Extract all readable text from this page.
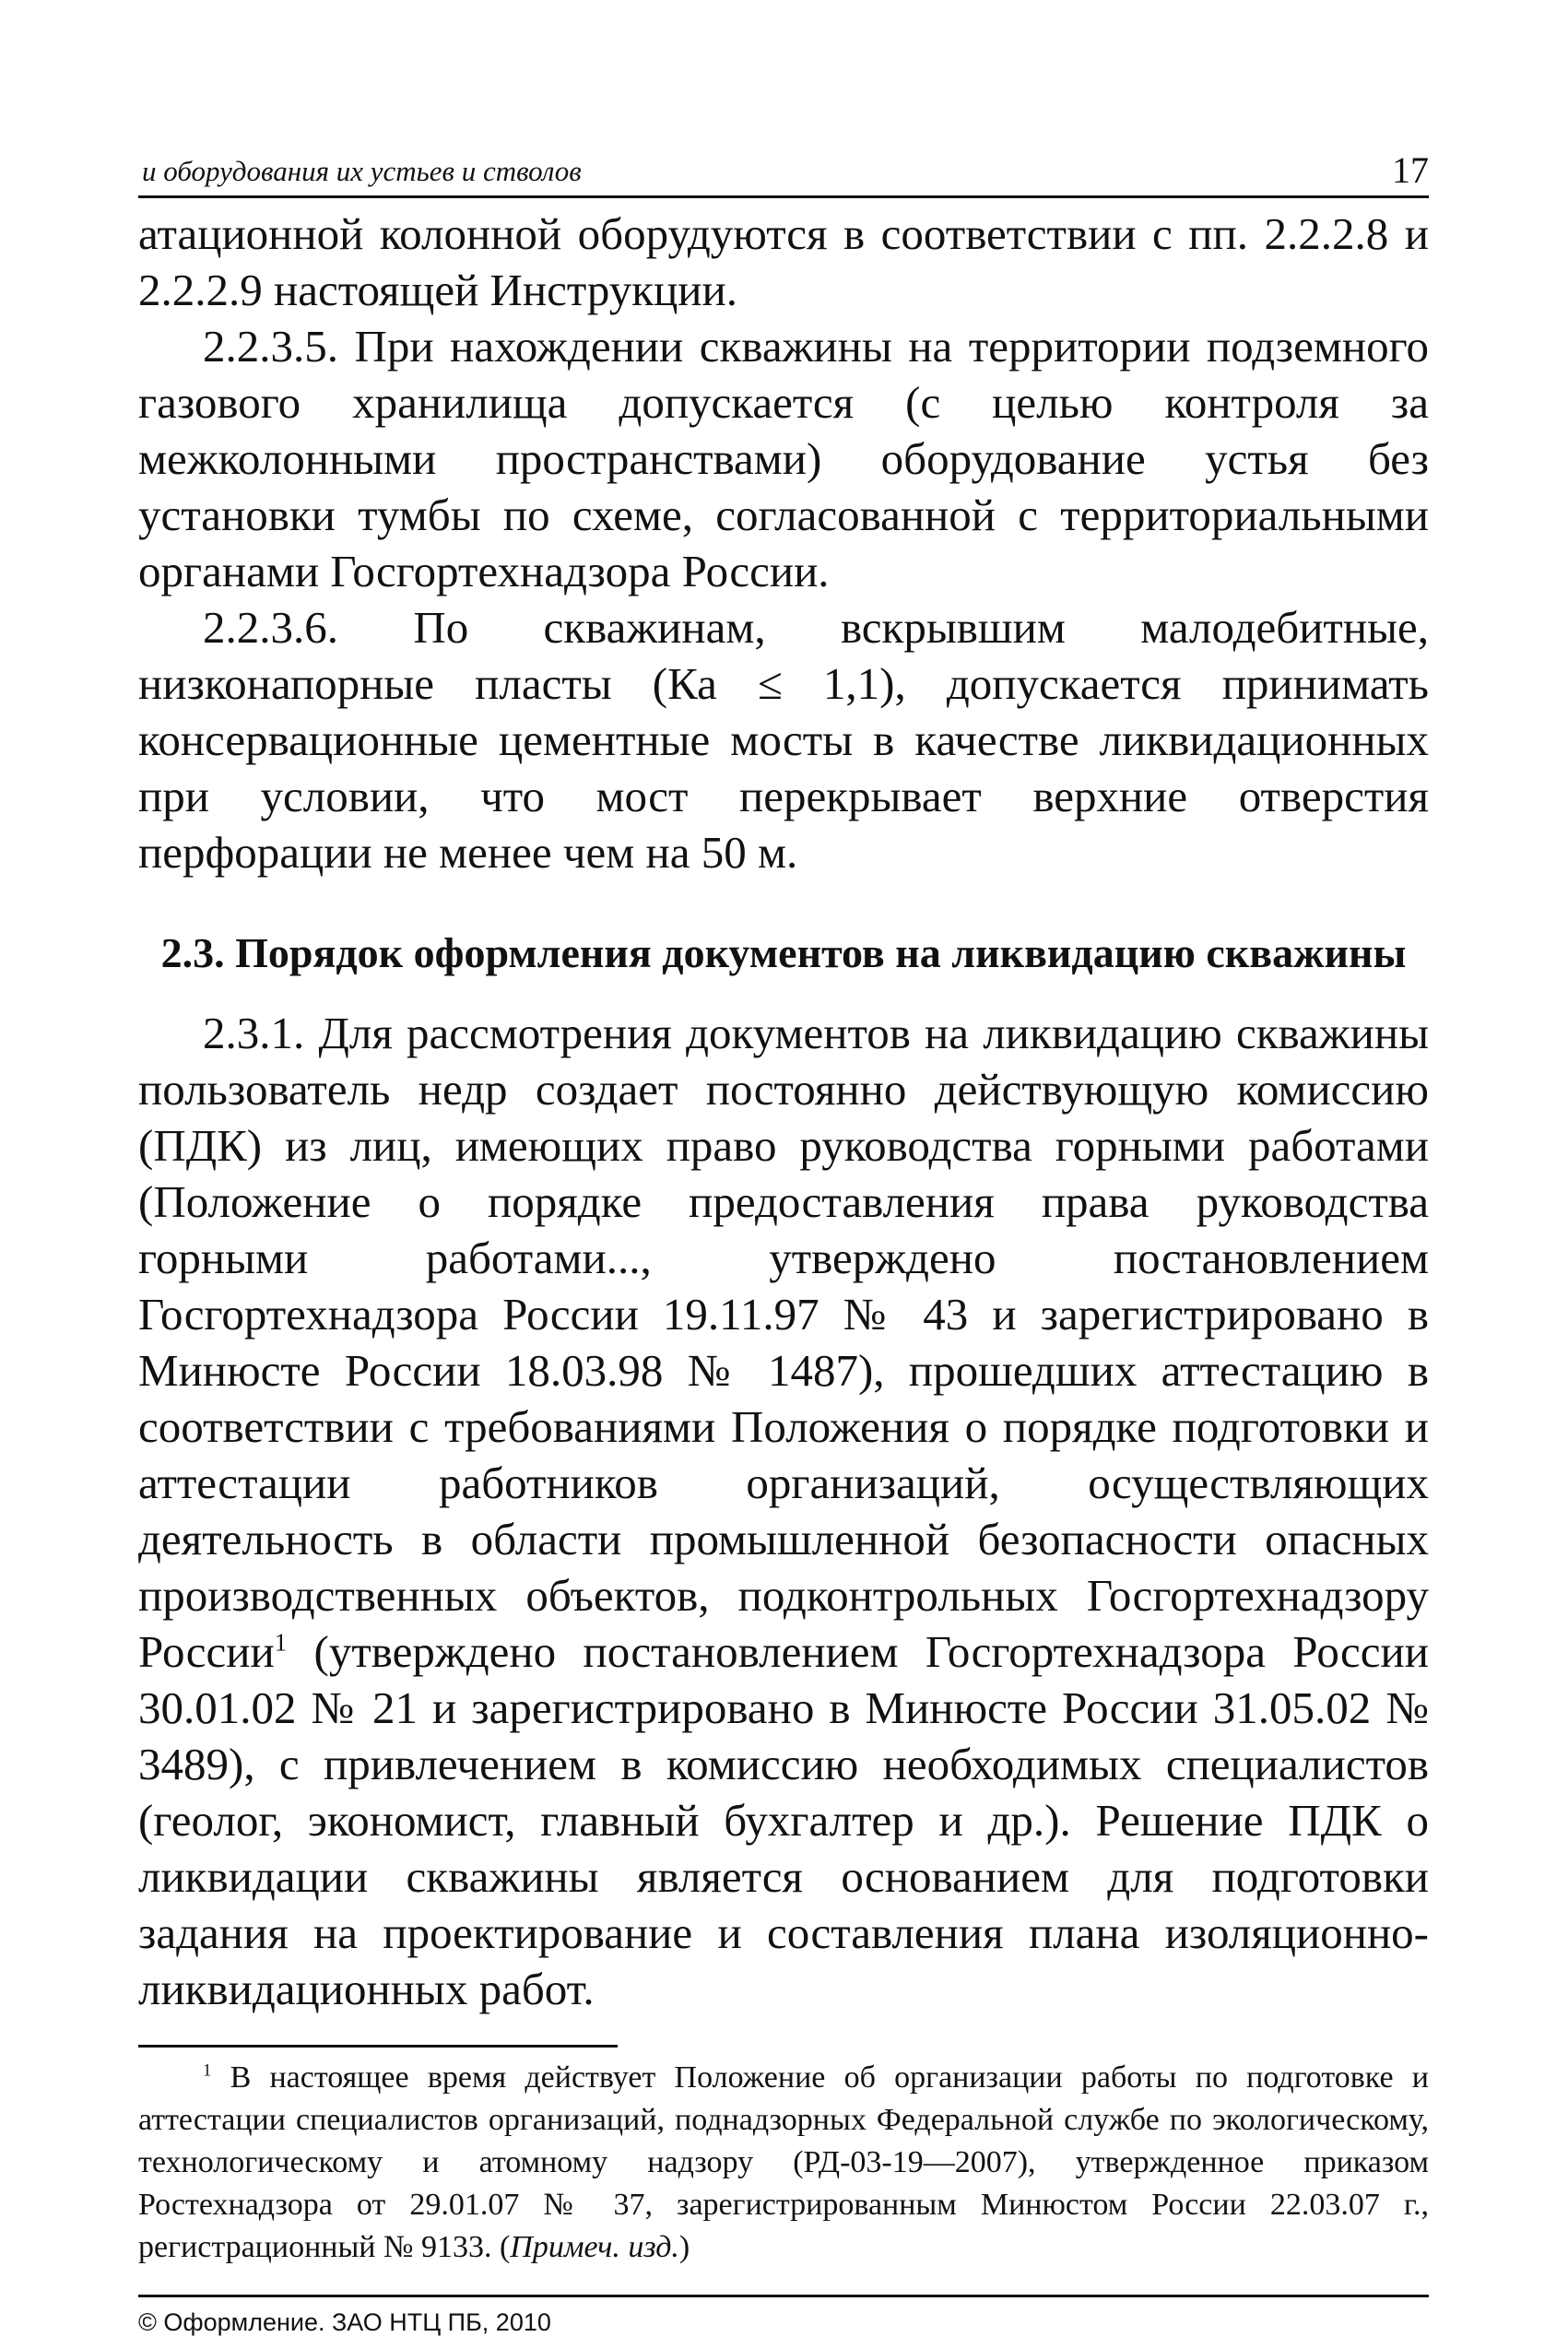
и оборудования их устьев и стволов	17

атационной колонной оборудуются в соответствии с пп. 2.2.2.8 и 2.2.2.9 настоящей Инструкции.

2.2.3.5. При нахождении скважины на территории подземного газового хранилища допускается (с целью контроля за межколонными пространствами) оборудование устья без установки тумбы по схеме, согласованной с территориальными органами Госгортехнадзора России.

2.2.3.6. По скважинам, вскрывшим малодебитные, низконапорные пласты (Ка ≤ 1,1), допускается принимать консервационные цементные мосты в качестве ликвидационных при условии, что мост перекрывает верхние отверстия перфорации не менее чем на 50 м.

2.3. Порядок оформления документов на ликвидацию скважины

2.3.1. Для рассмотрения документов на ликвидацию скважины пользователь недр создает постоянно действующую комиссию (ПДК) из лиц, имеющих право руководства горными работами (Положение о порядке предоставления права руководства горными работами..., утверждено постановлением Госгортехнадзора России 19.11.97 № 43 и зарегистрировано в Минюсте России 18.03.98 № 1487), прошедших аттестацию в соответствии с требованиями Положения о порядке подготовки и аттестации работников организаций, осуществляющих деятельность в области промышленной безопасности опасных производственных объектов, подконтрольных Госгортехнадзору России$^1$ (утверждено постановлением Госгортехнадзора России 30.01.02 № 21 и зарегистрировано в Минюсте России 31.05.02 № 3489), с привлечением в комиссию необходимых специалистов (геолог, экономист, главный бухгалтер и др.). Решение ПДК о ликвидации скважины является основанием для подготовки задания на проектирование и составления плана изоляционно-ликвидационных работ.

$^1$ В настоящее время действует Положение об организации работы по подготовке и аттестации специалистов организаций, поднадзорных Федеральной службе по экологическому, технологическому и атомному надзору (РД-03-19—2007), утвержденное приказом Ростехнадзора от 29.01.07 № 37, зарегистрированным Минюстом России 22.03.07 г., регистрационный № 9133. (Примеч. изд.)

© Оформление. ЗАО НТЦ ПБ, 2010
